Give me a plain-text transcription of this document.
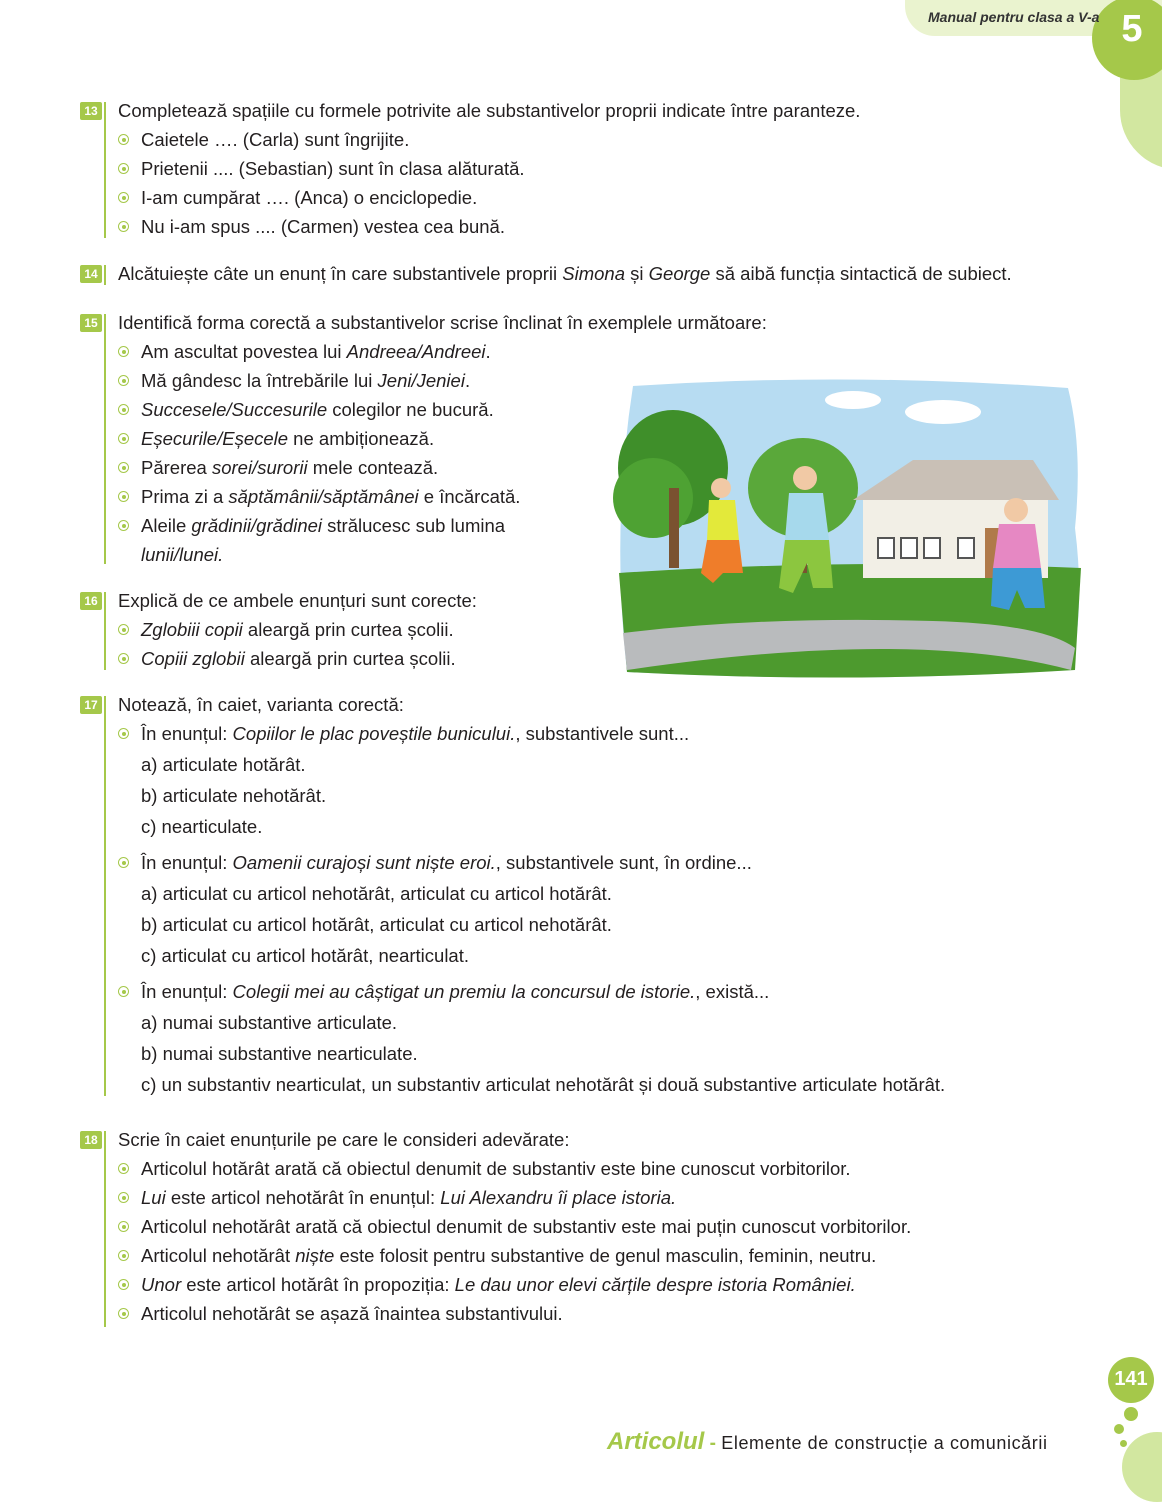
Manual pentru clasa a V-a 5
13 Completează spațiile cu formele potrivite ale substantivelor proprii indicate între paranteze.
Caietele …. (Carla) sunt îngrijite.
Prietenii .... (Sebastian) sunt în clasa alăturată.
I-am cumpărat …. (Anca) o enciclopedie.
Nu i-am spus .... (Carmen) vestea cea bună.
14 Alcătuiește câte un enunț în care substantivele proprii Simona și George să aibă funcția sintactică de subiect.
15 Identifică forma corectă a substantivelor scrise înclinat în exemplele următoare:
Am ascultat povestea lui Andreea/Andreei.
Mă gândesc la întrebările lui Jeni/Jeniei.
Succesele/Succesurile colegilor ne bucură.
Eșecurile/Eșecele ne ambiționează.
Părerea sorei/surorii mele contează.
Prima zi a săptămânii/săptămânei e încărcată.
Aleile grădinii/grădinei strălucesc sub lumina
lunii/lunei.
16 Explică de ce ambele enunțuri sunt corecte:
Zglobiii copii aleargă prin curtea școlii.
Copiii zglobii aleargă prin curtea școlii.
17 Notează, în caiet, varianta corectă:
În enunțul: Copiilor le plac poveștile bunicului., substantivele sunt...
a) articulate hotărât.
b) articulate nehotărât.
c) nearticulate.
În enunțul: Oamenii curajoși sunt niște eroi., substantivele sunt, în ordine...
a) articulat cu articol nehotărât, articulat cu articol hotărât.
b) articulat cu articol hotărât, articulat cu articol nehotărât.
c) articulat cu articol hotărât, nearticulat.
În enunțul: Colegii mei au câștigat un premiu la concursul de istorie., există...
a) numai substantive articulate.
b) numai substantive nearticulate.
c) un substantiv nearticulat, un substantiv articulat nehotărât și două substantive articulate hotărât.
18 Scrie în caiet enunțurile pe care le consideri adevărate:
Articolul hotărât arată că obiectul denumit de substantiv este bine cunoscut vorbitorilor.
Lui este articol nehotărât în enunțul: Lui Alexandru îi place istoria.
Articolul nehotărât arată că obiectul denumit de substantiv este mai puțin cunoscut vorbitorilor.
Articolul nehotărât niște este folosit pentru substantive de genul masculin, feminin, neutru.
Unor este articol hotărât în propoziția: Le dau unor elevi cărțile despre istoria României.
Articolul nehotărât se așază înaintea substantivului.
141
Articolul - Elemente de construcție a comunicării
